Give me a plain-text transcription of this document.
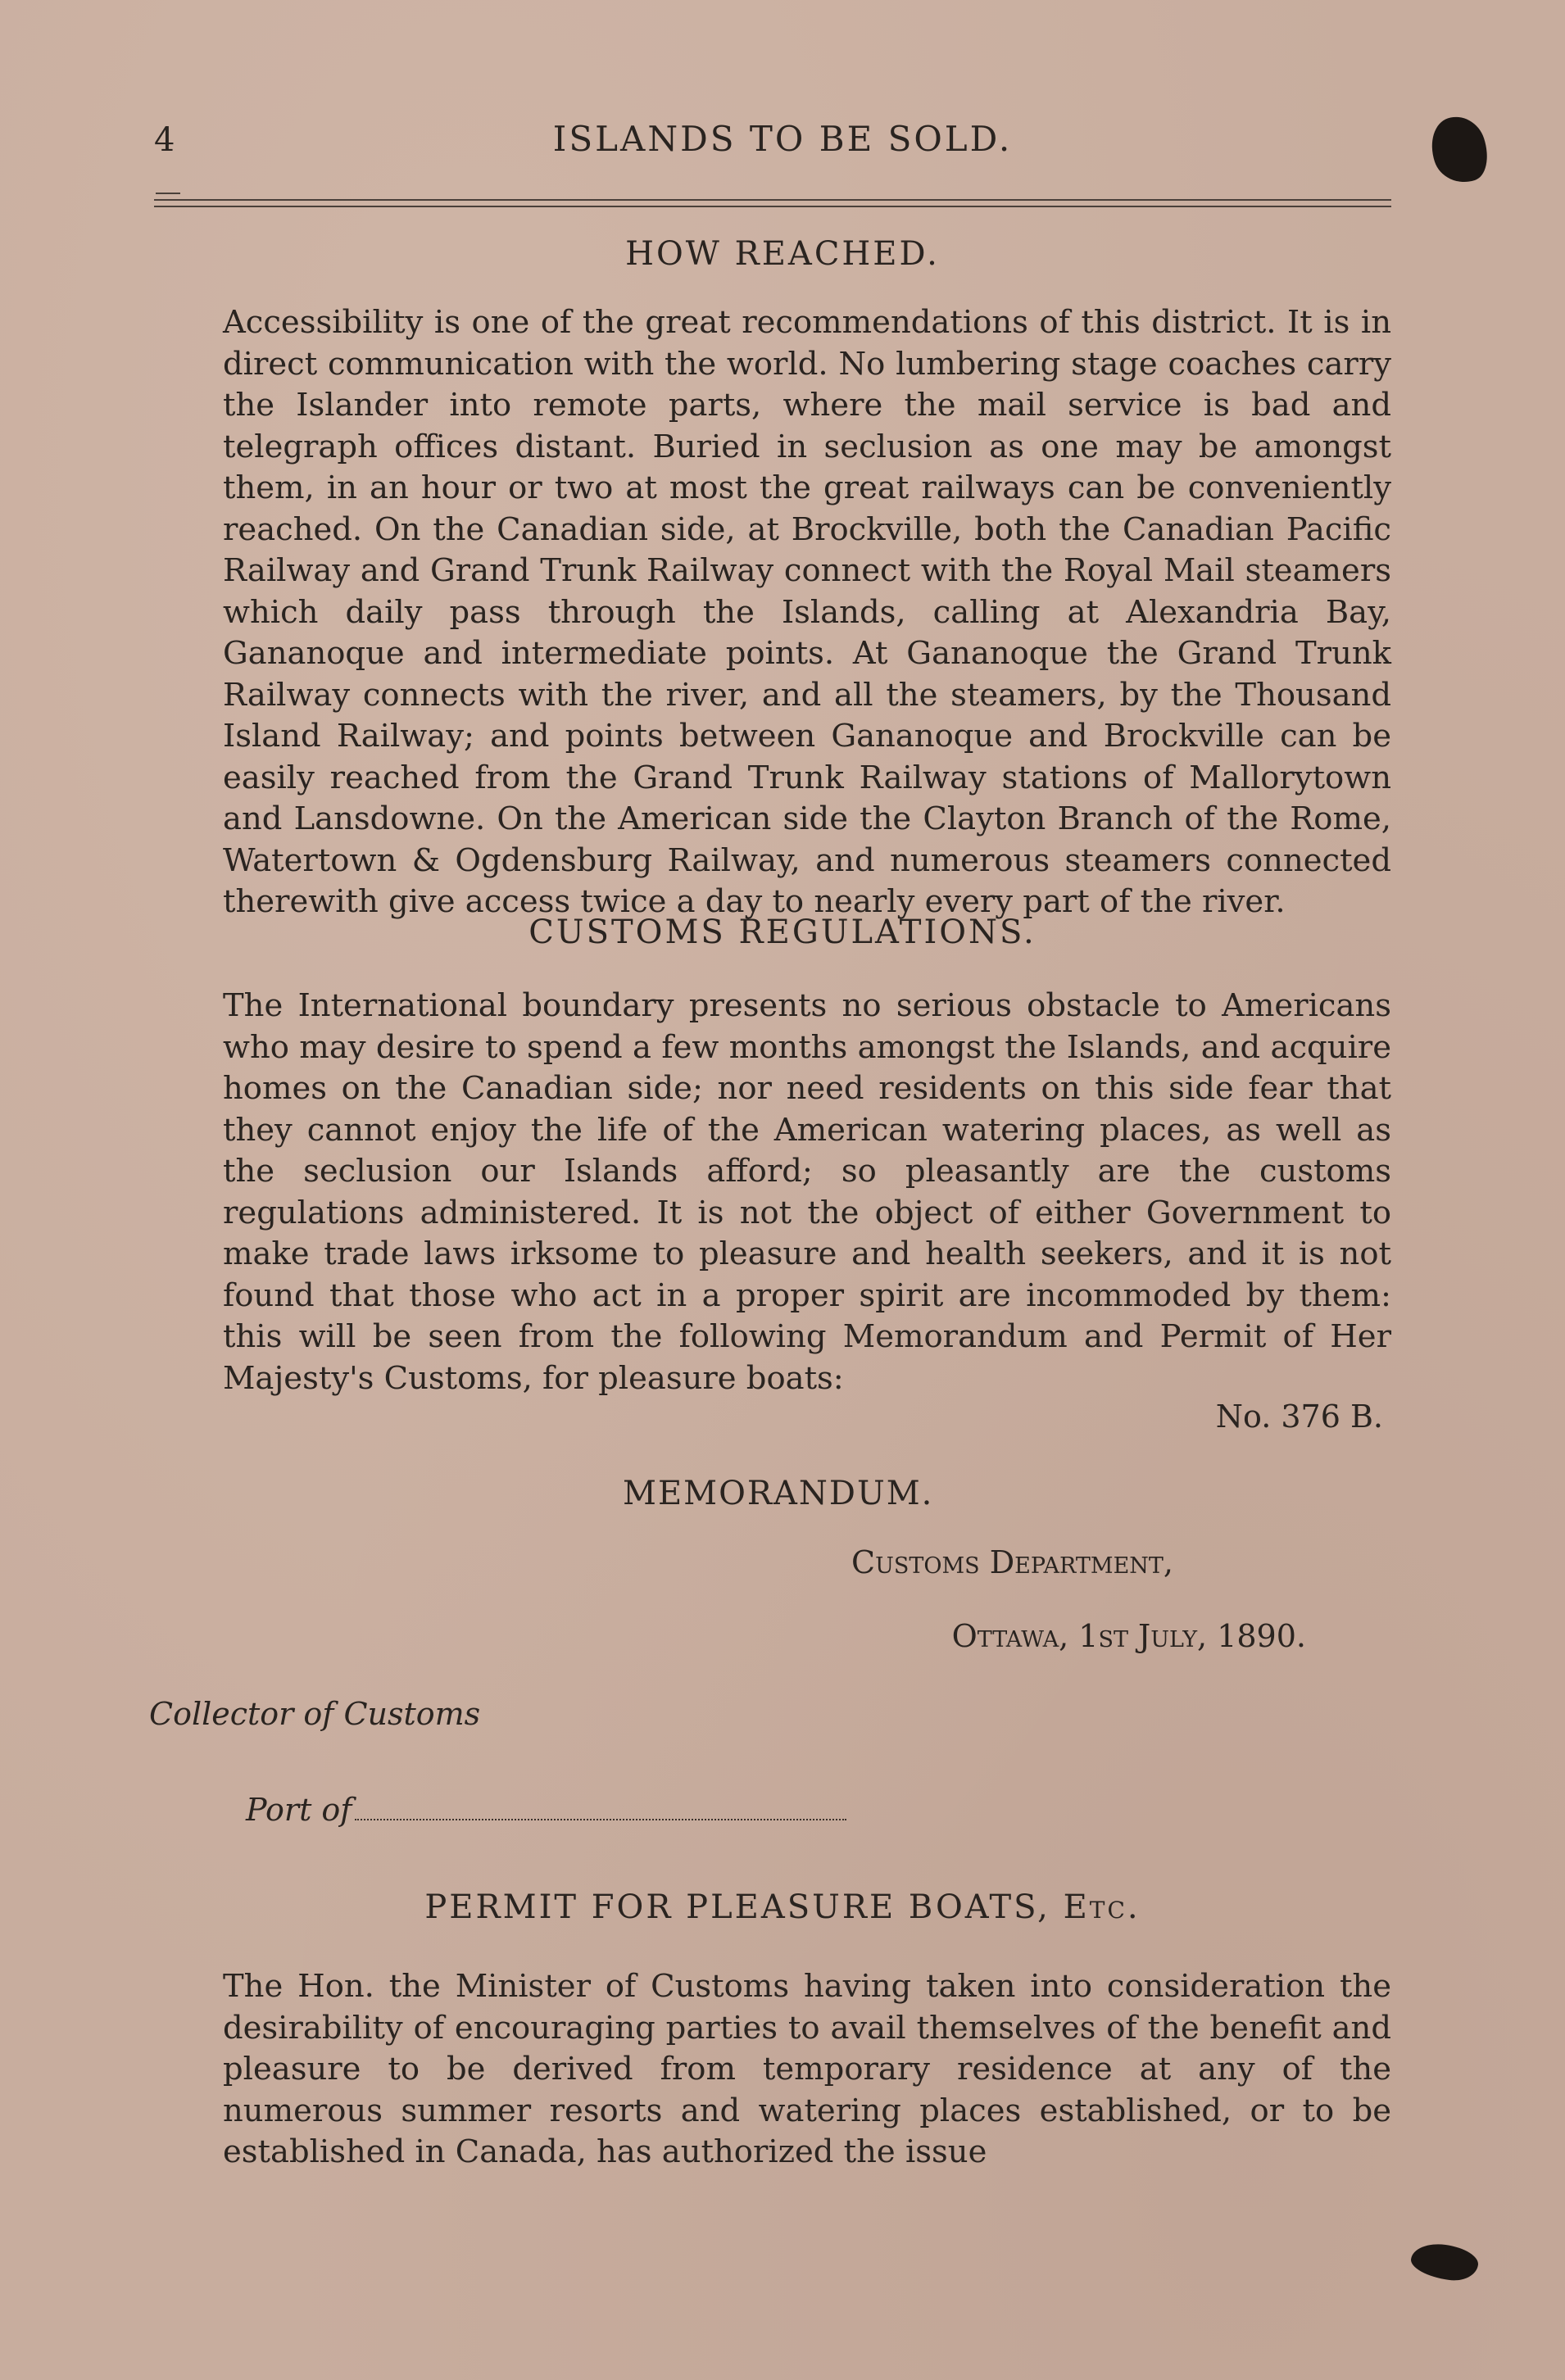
4	ISLANDS TO BE SOLD.
HOW REACHED.
Accessibility is one of the great recommendations of this district. It is in direct communication with the world. No lumbering stage coaches carry the Islander into remote parts, where the mail service is bad and telegraph offices distant. Buried in seclusion as one may be amongst them, in an hour or two at most the great railways can be conveniently reached. On the Canadian side, at Brockville, both the Canadian Pacific Railway and Grand Trunk Railway connect with the Royal Mail steamers which daily pass through the Islands, calling at Alexandria Bay, Gananoque and intermediate points. At Gananoque the Grand Trunk Railway connects with the river, and all the steamers, by the Thousand Island Railway; and points between Gananoque and Brockville can be easily reached from the Grand Trunk Railway stations of Mallorytown and Lansdowne. On the American side the Clayton Branch of the Rome, Watertown & Ogdensburg Railway, and numerous steamers connected therewith give access twice a day to nearly every part of the river.
CUSTOMS REGULATIONS.
The International boundary presents no serious obstacle to Americans who may desire to spend a few months amongst the Islands, and acquire homes on the Canadian side; nor need residents on this side fear that they cannot enjoy the life of the American watering places, as well as the seclusion our Islands afford; so pleasantly are the customs regulations administered. It is not the object of either Government to make trade laws irksome to pleasure and health seekers, and it is not found that those who act in a proper spirit are incommoded by them: this will be seen from the following Memorandum and Permit of Her Majesty's Customs, for pleasure boats:
No. 376 B.
MEMORANDUM.
Customs Department,
Ottawa, 1st July, 1890.
Collector of Customs
Port of
PERMIT FOR PLEASURE BOATS, Etc.
The Hon. the Minister of Customs having taken into consideration the desirability of encouraging parties to avail themselves of the benefit and pleasure to be derived from temporary residence at any of the numerous summer resorts and watering places established, or to be established in Canada, has authorized the issue
